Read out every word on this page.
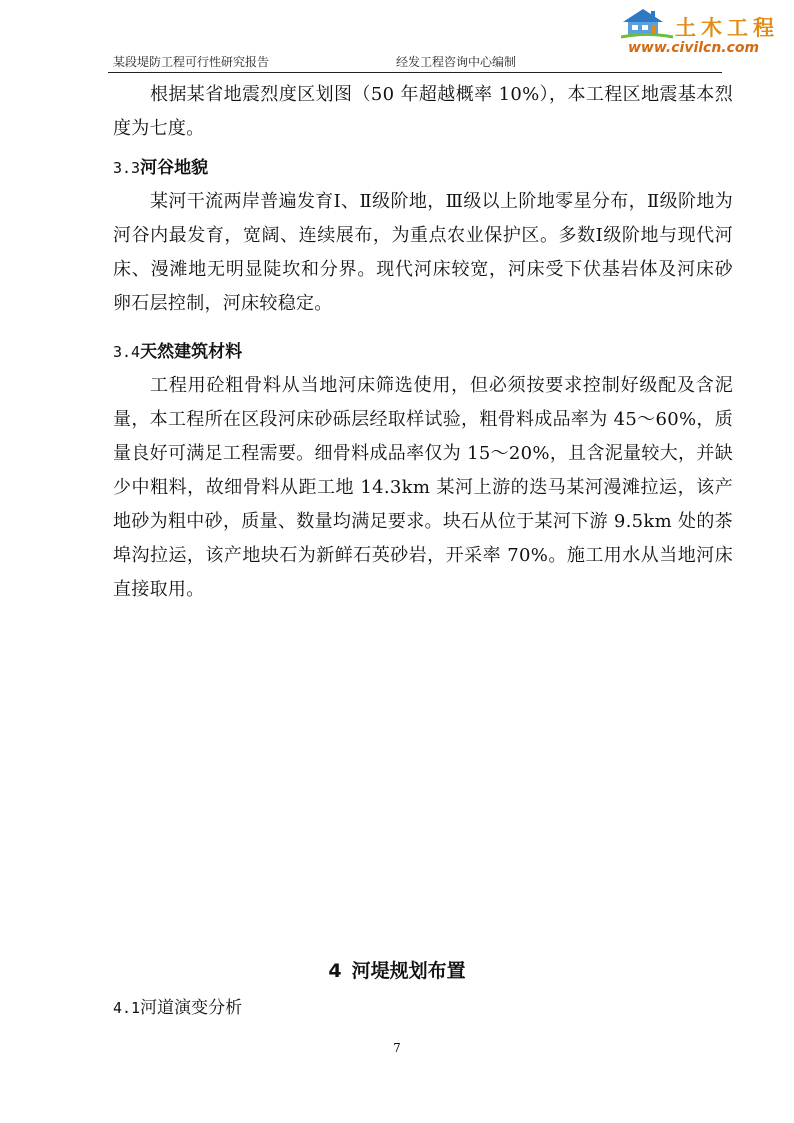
某段堤防工程可行性研究报告	经发工程咨询中心编制
土木工程
www.civilcn.com

根据某省地震烈度区划图（50 年超越概率 10%），本工程区地震基本烈度为七度。

3.3河谷地貌

某河干流两岸普遍发育Ⅰ、Ⅱ级阶地，Ⅲ级以上阶地零星分布，Ⅱ级阶地为河谷内最发育，宽阔、连续展布，为重点农业保护区。多数Ⅰ级阶地与现代河床、漫滩地无明显陡坎和分界。现代河床较宽，河床受下伏基岩体及河床砂卵石层控制，河床较稳定。

3.4天然建筑材料

工程用砼粗骨料从当地河床筛选使用，但必须按要求控制好级配及含泥量，本工程所在区段河床砂砾层经取样试验，粗骨料成品率为 45～60%，质量良好可满足工程需要。细骨料成品率仅为 15～20%，且含泥量较大，并缺少中粗料，故细骨料从距工地 14.3km 某河上游的迭马某河漫滩拉运，该产地砂为粗中砂，质量、数量均满足要求。块石从位于某河下游 9.5km 处的茶埠沟拉运，该产地块石为新鲜石英砂岩，开采率 70%。施工用水从当地河床直接取用。

4 河堤规划布置
4.1河道演变分析
7
